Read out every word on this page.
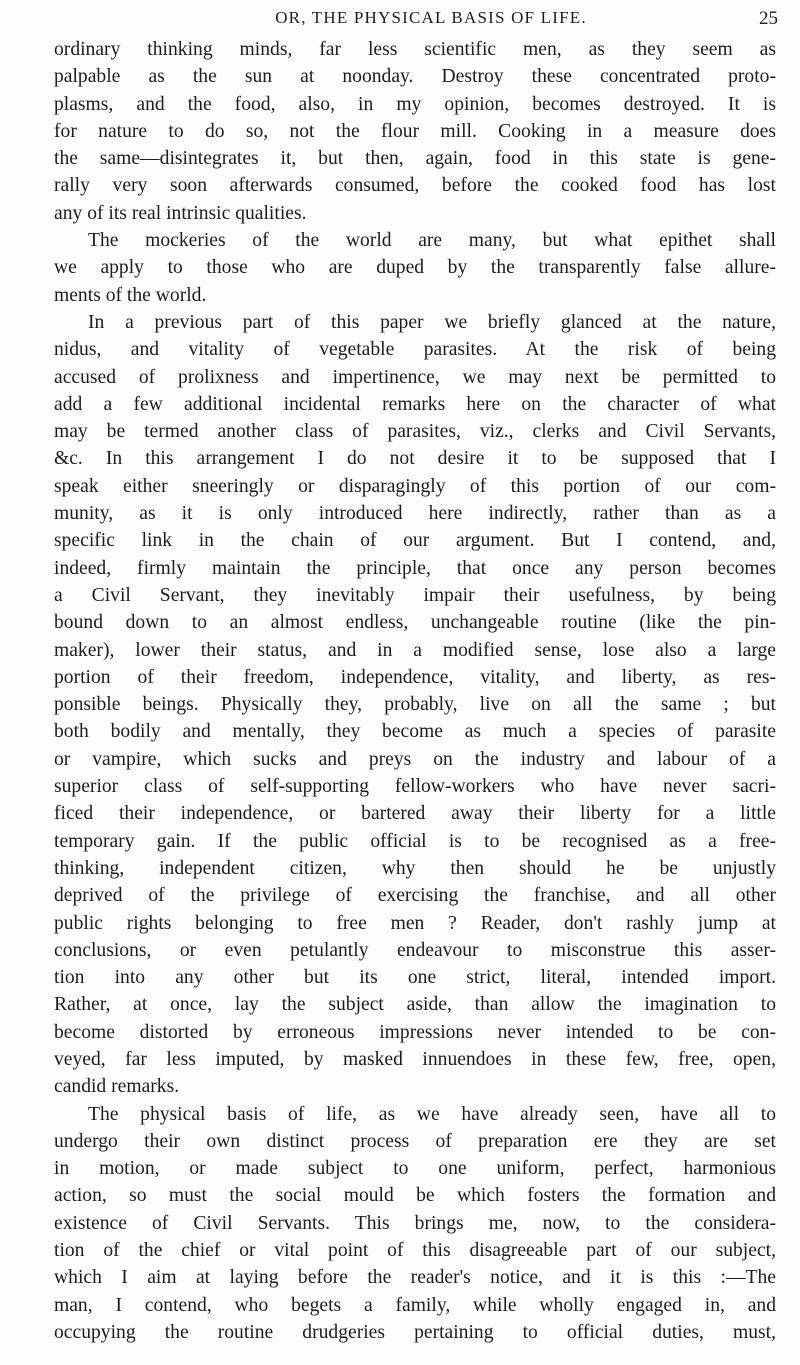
OR, THE PHYSICAL BASIS OF LIFE.	25
ordinary thinking minds, far less scientific men, as they seem as
palpable as the sun at noonday. Destroy these concentrated proto-
plasms, and the food, also, in my opinion, becomes destroyed. It is
for nature to do so, not the flour mill. Cooking in a measure does
the same—disintegrates it, but then, again, food in this state is gene-
rally very soon afterwards consumed, before the cooked food has lost
any of its real intrinsic qualities.
The mockeries of the world are many, but what epithet shall
we apply to those who are duped by the transparently false allure-
ments of the world.
In a previous part of this paper we briefly glanced at the nature,
nidus, and vitality of vegetable parasites. At the risk of being
accused of prolixness and impertinence, we may next be permitted to
add a few additional incidental remarks here on the character of what
may be termed another class of parasites, viz., clerks and Civil Servants,
&c. In this arrangement I do not desire it to be supposed that I
speak either sneeringly or disparagingly of this portion of our com-
munity, as it is only introduced here indirectly, rather than as a
specific link in the chain of our argument. But I contend, and,
indeed, firmly maintain the principle, that once any person becomes
a Civil Servant, they inevitably impair their usefulness, by being
bound down to an almost endless, unchangeable routine (like the pin-
maker), lower their status, and in a modified sense, lose also a large
portion of their freedom, independence, vitality, and liberty, as res-
ponsible beings. Physically they, probably, live on all the same ; but
both bodily and mentally, they become as much a species of parasite
or vampire, which sucks and preys on the industry and labour of a
superior class of self-supporting fellow-workers who have never sacri-
ficed their independence, or bartered away their liberty for a little
temporary gain. If the public official is to be recognised as a free-
thinking, independent citizen, why then should he be unjustly
deprived of the privilege of exercising the franchise, and all other
public rights belonging to free men ? Reader, don't rashly jump at
conclusions, or even petulantly endeavour to misconstrue this asser-
tion into any other but its one strict, literal, intended import.
Rather, at once, lay the subject aside, than allow the imagination to
become distorted by erroneous impressions never intended to be con-
veyed, far less imputed, by masked innuendoes in these few, free, open,
candid remarks.
The physical basis of life, as we have already seen, have all to
undergo their own distinct process of preparation ere they are set
in motion, or made subject to one uniform, perfect, harmonious
action, so must the social mould be which fosters the formation and
existence of Civil Servants. This brings me, now, to the considera-
tion of the chief or vital point of this disagreeable part of our subject,
which I aim at laying before the reader's notice, and it is this :—The
man, I contend, who begets a family, while wholly engaged in, and
occupying the routine drudgeries pertaining to official duties, must,
